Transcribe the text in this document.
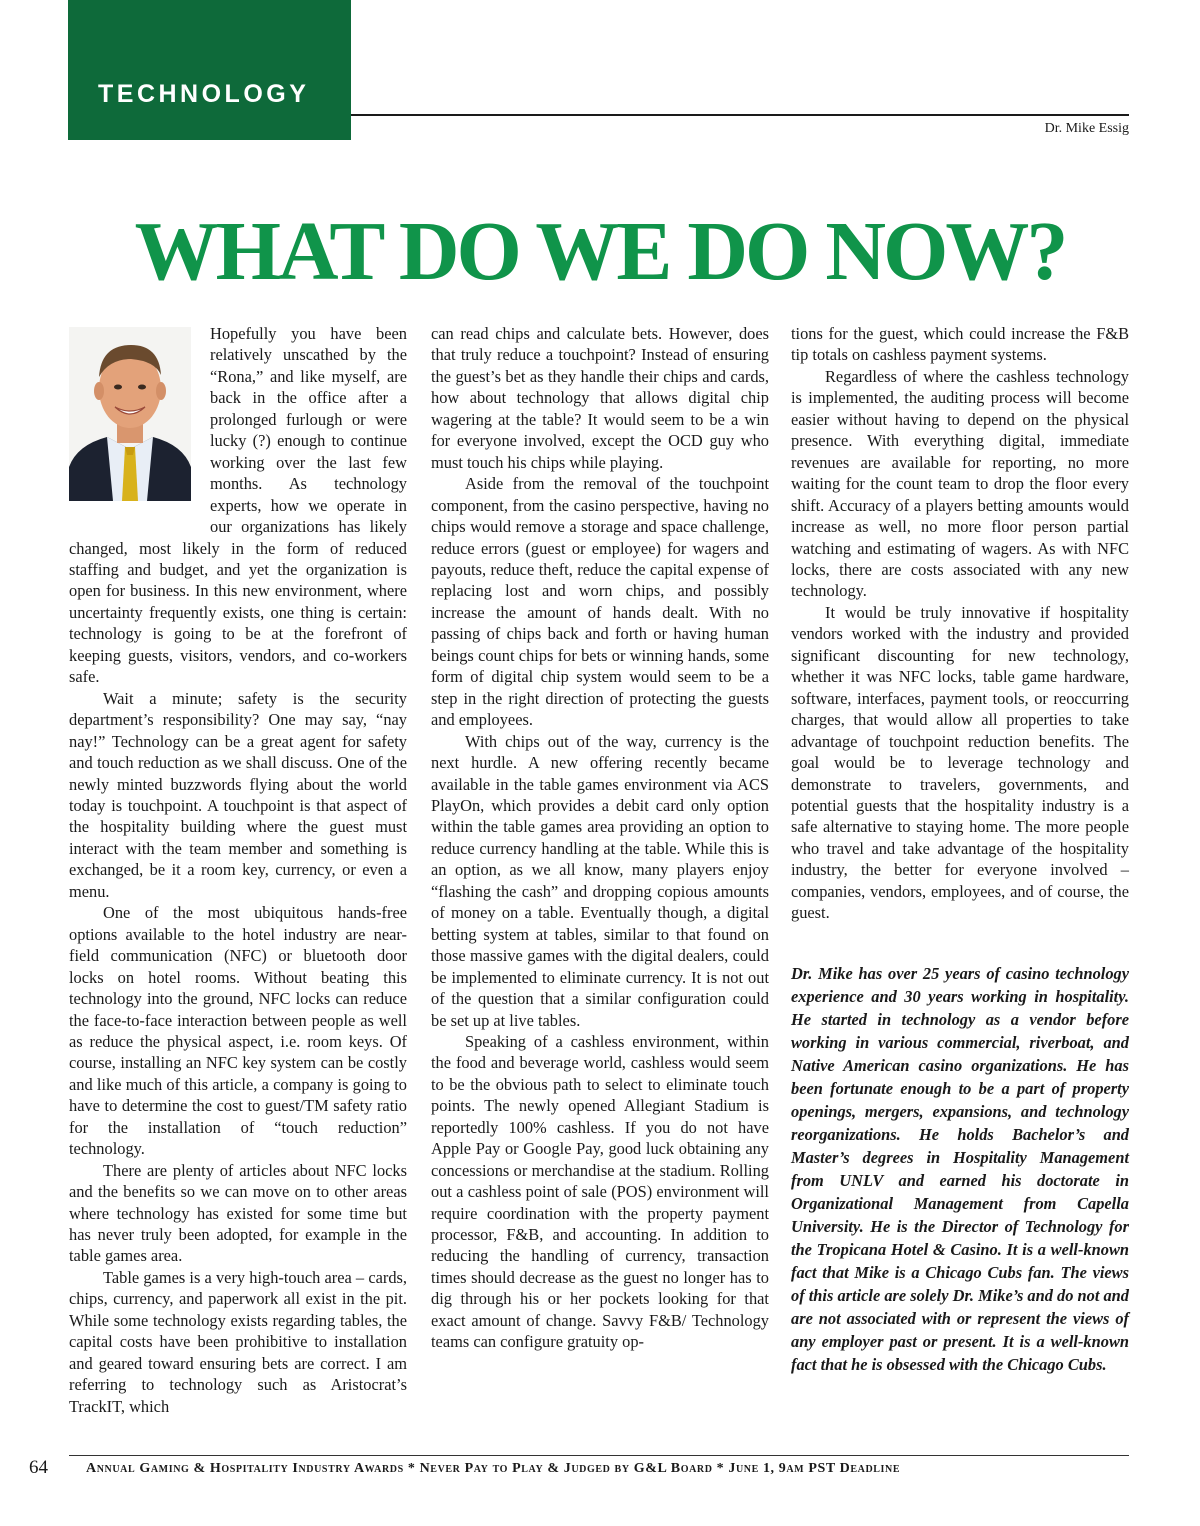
TECHNOLOGY
Dr. Mike Essig
WHAT DO WE DO NOW?

Hopefully you have been relatively unscathed by the “Rona,” and like myself, are back in the office after a prolonged furlough or were lucky (?) enough to continue working over the last few months. As technology experts, how we operate in our organizations has likely changed, most likely in the form of reduced staffing and budget, and yet the organization is open for business. In this new environment, where uncertainty frequently exists, one thing is certain: technology is going to be at the forefront of keeping guests, visitors, vendors, and co-workers safe.

Wait a minute; safety is the security department’s responsibility? One may say, “nay nay!” Technology can be a great agent for safety and touch reduction as we shall discuss. One of the newly minted buzzwords flying about the world today is touchpoint. A touchpoint is that aspect of the hospitality building where the guest must interact with the team member and something is exchanged, be it a room key, currency, or even a menu.

One of the most ubiquitous hands-free options available to the hotel industry are near-field communication (NFC) or bluetooth door locks on hotel rooms. Without beating this technology into the ground, NFC locks can reduce the face-to-face interaction between people as well as reduce the physical aspect, i.e. room keys. Of course, installing an NFC key system can be costly and like much of this article, a company is going to have to determine the cost to guest/TM safety ratio for the installation of “touch reduction” technology.

There are plenty of articles about NFC locks and the benefits so we can move on to other areas where technology has existed for some time but has never truly been adopted, for example in the table games area.

Table games is a very high-touch area – cards, chips, currency, and paperwork all exist in the pit. While some technology exists regarding tables, the capital costs have been prohibitive to installation and geared toward ensuring bets are correct. I am referring to technology such as Aristocrat’s TrackIT, which

can read chips and calculate bets. However, does that truly reduce a touchpoint? Instead of ensuring the guest’s bet as they handle their chips and cards, how about technology that allows digital chip wagering at the table? It would seem to be a win for everyone involved, except the OCD guy who must touch his chips while playing.

Aside from the removal of the touchpoint component, from the casino perspective, having no chips would remove a storage and space challenge, reduce errors (guest or employee) for wagers and payouts, reduce theft, reduce the capital expense of replacing lost and worn chips, and possibly increase the amount of hands dealt. With no passing of chips back and forth or having human beings count chips for bets or winning hands, some form of digital chip system would seem to be a step in the right direction of protecting the guests and employees.

With chips out of the way, currency is the next hurdle. A new offering recently became available in the table games environment via ACS PlayOn, which provides a debit card only option within the table games area providing an option to reduce currency handling at the table. While this is an option, as we all know, many players enjoy “flashing the cash” and dropping copious amounts of money on a table. Eventually though, a digital betting system at tables, similar to that found on those massive games with the digital dealers, could be implemented to eliminate currency. It is not out of the question that a similar configuration could be set up at live tables.

Speaking of a cashless environment, within the food and beverage world, cashless would seem to be the obvious path to select to eliminate touch points. The newly opened Allegiant Stadium is reportedly 100% cashless. If you do not have Apple Pay or Google Pay, good luck obtaining any concessions or merchandise at the stadium. Rolling out a cashless point of sale (POS) environment will require coordination with the property payment processor, F&B, and accounting. In addition to reducing the handling of currency, transaction times should decrease as the guest no longer has to dig through his or her pockets looking for that exact amount of change. Savvy F&B/ Technology teams can configure gratuity op-

tions for the guest, which could increase the F&B tip totals on cashless payment systems.

Regardless of where the cashless technology is implemented, the auditing process will become easier without having to depend on the physical presence. With everything digital, immediate revenues are available for reporting, no more waiting for the count team to drop the floor every shift. Accuracy of a players betting amounts would increase as well, no more floor person partial watching and estimating of wagers. As with NFC locks, there are costs associated with any new technology.

It would be truly innovative if hospitality vendors worked with the industry and provided significant discounting for new technology, whether it was NFC locks, table game hardware, software, interfaces, payment tools, or reoccurring charges, that would allow all properties to take advantage of touchpoint reduction benefits. The goal would be to leverage technology and demonstrate to travelers, governments, and potential guests that the hospitality industry is a safe alternative to staying home. The more people who travel and take advantage of the hospitality industry, the better for everyone involved – companies, vendors, employees, and of course, the guest.

Dr. Mike has over 25 years of casino technology experience and 30 years working in hospitality. He started in technology as a vendor before working in various commercial, riverboat, and Native American casino organizations. He has been fortunate enough to be a part of property openings, mergers, expansions, and technology reorganizations. He holds Bachelor’s and Master’s degrees in Hospitality Management from UNLV and earned his doctorate in Organizational Management from Capella University. He is the Director of Technology for the Tropicana Hotel & Casino. It is a well-known fact that Mike is a Chicago Cubs fan. The views of this article are solely Dr. Mike’s and do not and are not associated with or represent the views of any employer past or present. It is a well-known fact that he is obsessed with the Chicago Cubs.
64	Annual Gaming & Hospitality Industry Awards * Never Pay to Play & Judged by G&L Board * June 1, 9am PST Deadline
